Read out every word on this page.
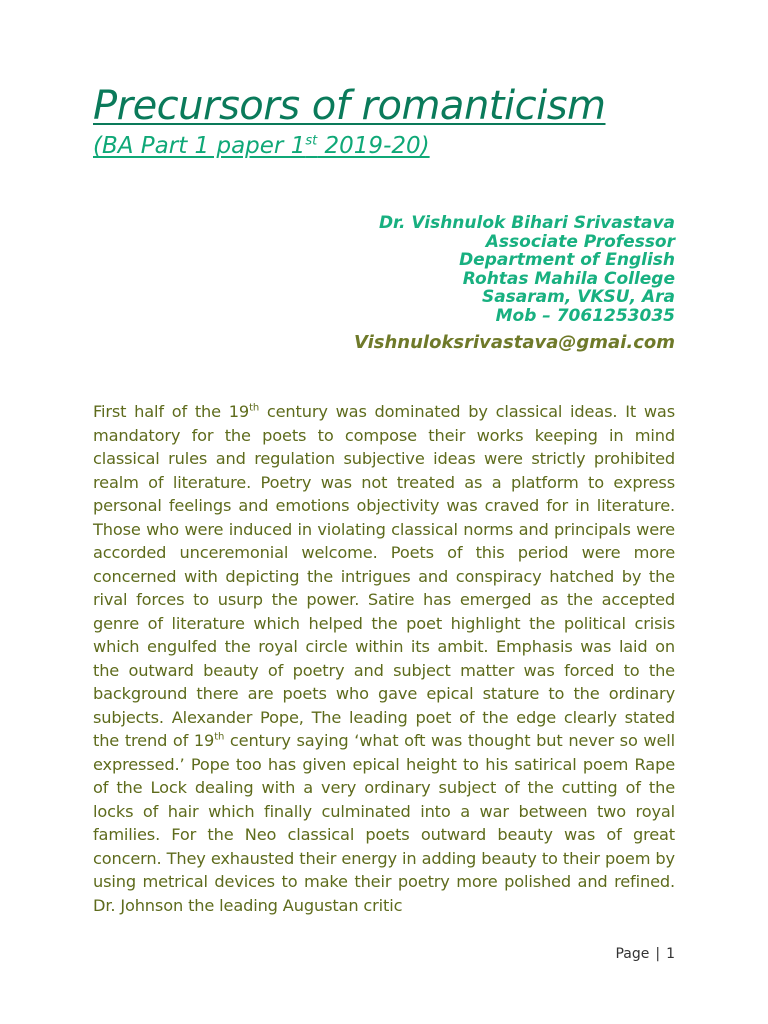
Precursors of romanticism
(BA Part 1 paper 1st 2019-20)
Dr. Vishnulok Bihari Srivastava
Associate Professor
Department of English
Rohtas Mahila College
Sasaram, VKSU, Ara
Mob – 7061253035
Vishnuloksrivastava@gmai.com

First half of the 19th century was dominated by classical ideas. It was mandatory for the poets to compose their works keeping in mind classical rules and regulation subjective ideas were strictly prohibited realm of literature. Poetry was not treated as a platform to express personal feelings and emotions objectivity was craved for in literature. Those who were induced in violating classical norms and principals were accorded unceremonial welcome. Poets of this period were more concerned with depicting the intrigues and conspiracy hatched by the rival forces to usurp the power. Satire has emerged as the accepted genre of literature which helped the poet highlight the political crisis which engulfed the royal circle within its ambit. Emphasis was laid on the outward beauty of poetry and subject matter was forced to the background there are poets who gave epical stature to the ordinary subjects. Alexander Pope, The leading poet of the edge clearly stated the trend of 19th century saying ‘what oft was thought but never so well expressed.’ Pope too has given epical height to his satirical poem Rape of the Lock dealing with a very ordinary subject of the cutting of the locks of hair which finally culminated into a war between two royal families. For the Neo classical poets outward beauty was of great concern. They exhausted their energy in adding beauty to their poem by using metrical devices to make their poetry more polished and refined. Dr. Johnson the leading Augustan critic

Page | 1
